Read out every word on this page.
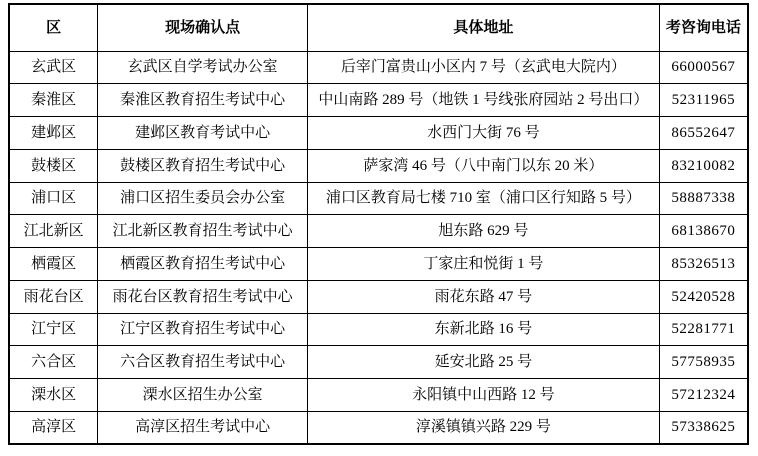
区	现场确认点	具体地址	考咨询电话
玄武区	玄武区自学考试办公室	后宰门富贵山小区内 7 号（玄武电大院内）	66000567
秦淮区	秦淮区教育招生考试中心	中山南路 289 号（地铁 1 号线张府园站 2 号出口）	52311965
建邺区	建邺区教育考试中心	水西门大街 76 号	86552647
鼓楼区	鼓楼区教育招生考试中心	萨家湾 46 号（八中南门以东 20 米）	83210082
浦口区	浦口区招生委员会办公室	浦口区教育局七楼 710 室（浦口区行知路 5 号）	58887338
江北新区	江北新区教育招生考试中心	旭东路 629 号	68138670
栖霞区	栖霞区教育招生考试中心	丁家庄和悦街 1 号	85326513
雨花台区	雨花台区教育招生考试中心	雨花东路 47 号	52420528
江宁区	江宁区教育招生考试中心	东新北路 16 号	52281771
六合区	六合区教育招生考试中心	延安北路 25 号	57758935
溧水区	溧水区招生办公室	永阳镇中山西路 12 号	57212324
高淳区	高淳区招生考试中心	淳溪镇镇兴路 229 号	57338625
